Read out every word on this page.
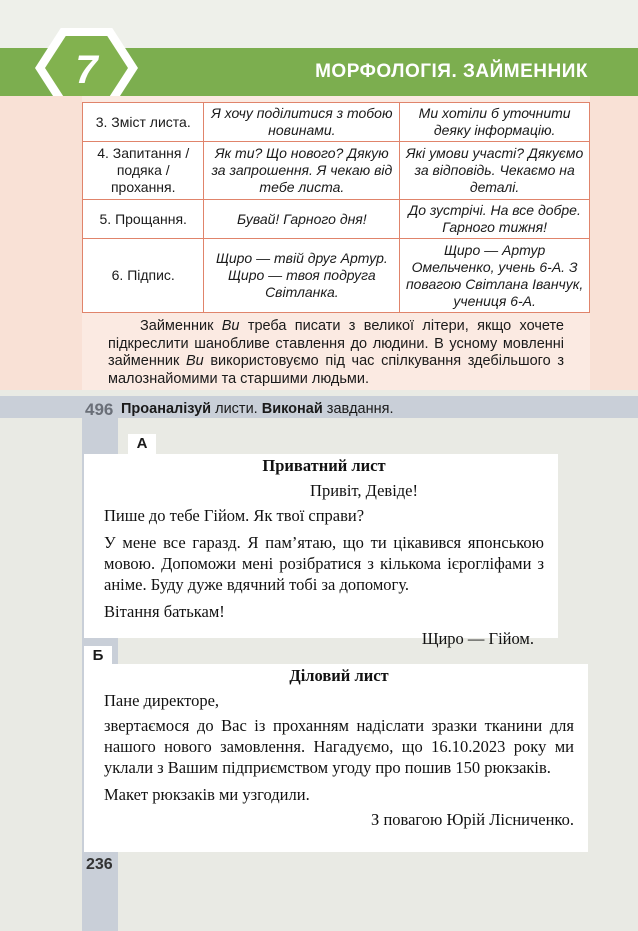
7	МОРФОЛОГІЯ. ЗАЙМЕННИК
3. Зміст листа.	Я хочу поділитися з тобою новинами.	Ми хотіли б уточнити деяку інформацію.
4. Запитання / подяка / прохання.	Як ти? Що нового? Дякую за запрошення. Я чекаю від тебе листа.	Які умови участі? Дякуємо за відповідь. Чекаємо на деталі.
5. Прощання.	Бувай! Гарного дня!	До зустрічі. На все добре. Гарного тижня!
6. Підпис.	Щиро — твій друг Артур. Щиро — твоя подруга Світланка.	Щиро — Артур Омельченко, учень 6-А. З повагою Світлана Іванчук, учениця 6-А.
Займенник Ви треба писати з великої літери, якщо хочете підкреслити шанобливе ставлення до людини. В усному мовленні займенник Ви використовуємо під час спілкування здебільшого з малознайомими та старшими людьми.
496 Проаналізуй листи. Виконай завдання.
А

Приватний лист

Привіт, Девіде!

Пише до тебе Гійом. Як твої справи?

У мене все гаразд. Я пам’ятаю, що ти цікавився японською мовою. Допоможи мені розібратися з кількома ієрогліфами з аніме. Буду дуже вдячний тобі за допомогу.

Вітання батькам!

Щиро — Гійом.

Б

Діловий лист

Пане директоре,

звертаємося до Вас із проханням надіслати зразки тканини для нашого нового замовлення. Нагадуємо, що 16.10.2023 року ми уклали з Вашим підприємством угоду про пошив 150 рюкзаків.

Макет рюкзаків ми узгодили.

З повагою Юрій Лісниченко.

236
